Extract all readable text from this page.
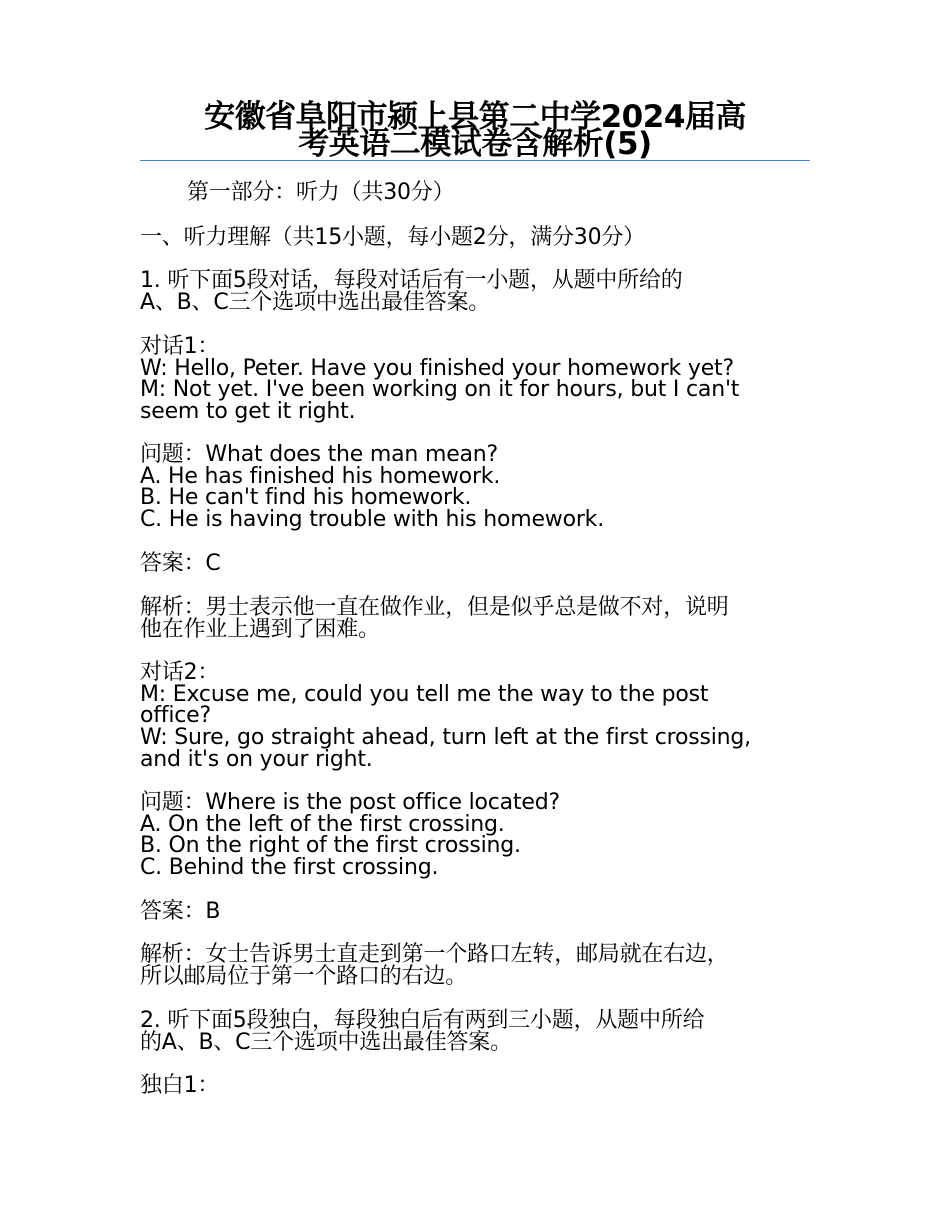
安徽省阜阳市颍上县第二中学2024届高
考英语二模试卷含解析(5)
第一部分：听力（共30分）
一、听力理解（共15小题，每小题2分，满分30分）
1. 听下面5段对话，每段对话后有一小题，从题中所给的
A、B、C三个选项中选出最佳答案。
对话1：
W: Hello, Peter. Have you finished your homework yet?
M: Not yet. I've been working on it for hours, but I can't
seem to get it right.
问题：What does the man mean?
A. He has finished his homework.
B. He can't find his homework.
C. He is having trouble with his homework.
答案：C
解析：男士表示他一直在做作业，但是似乎总是做不对，说明
他在作业上遇到了困难。
对话2：
M: Excuse me, could you tell me the way to the post
office?
W: Sure, go straight ahead, turn left at the first crossing,
and it's on your right.
问题：Where is the post office located?
A. On the left of the first crossing.
B. On the right of the first crossing.
C. Behind the first crossing.
答案：B
解析：女士告诉男士直走到第一个路口左转，邮局就在右边，
所以邮局位于第一个路口的右边。
2. 听下面5段独白，每段独白后有两到三小题，从题中所给
的A、B、C三个选项中选出最佳答案。
独白1：
